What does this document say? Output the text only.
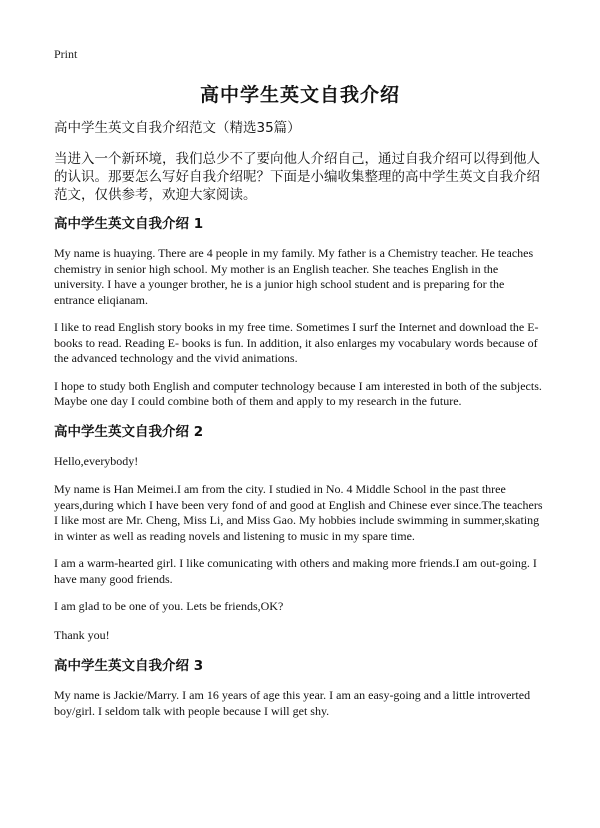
Print
高中学生英文自我介绍

高中学生英文自我介绍范文（精选35篇）

当进入一个新环境，我们总少不了要向他人介绍自己，通过自我介绍可以得到他人的认识。那要怎么写好自我介绍呢？下面是小编收集整理的高中学生英文自我介绍范文，仅供参考，欢迎大家阅读。

高中学生英文自我介绍 1

My name is huaying. There are 4 people in my family. My father is a Chemistry teacher. He teaches chemistry in senior high school. My mother is an English teacher. She teaches English in the university. I have a younger brother, he is a junior high school student and is preparing for the entrance eliqianam.

I like to read English story books in my free time. Sometimes I surf the Internet and download the E- books to read. Reading E- books is fun. In addition, it also enlarges my vocabulary words because of the advanced technology and the vivid animations.

I hope to study both English and computer technology because I am interested in both of the subjects. Maybe one day I could combine both of them and apply to my research in the future.

高中学生英文自我介绍 2

Hello,everybody!

My name is Han Meimei.I am from the city. I studied in No. 4 Middle School in the past three years,during which I have been very fond of and good at English and Chinese ever since.The teachers I like most are Mr. Cheng, Miss Li, and Miss Gao. My hobbies include swimming in summer,skating in winter as well as reading novels and listening to music in my spare time.

I am a warm-hearted girl. I like comunicating with others and making more friends.I am out-going. I have many good friends.

I am glad to be one of you. Lets be friends,OK?

Thank you!

高中学生英文自我介绍 3

My name is Jackie/Marry. I am 16 years of age this year. I am an easy-going and a little introverted boy/girl. I seldom talk with people because I will get shy.
